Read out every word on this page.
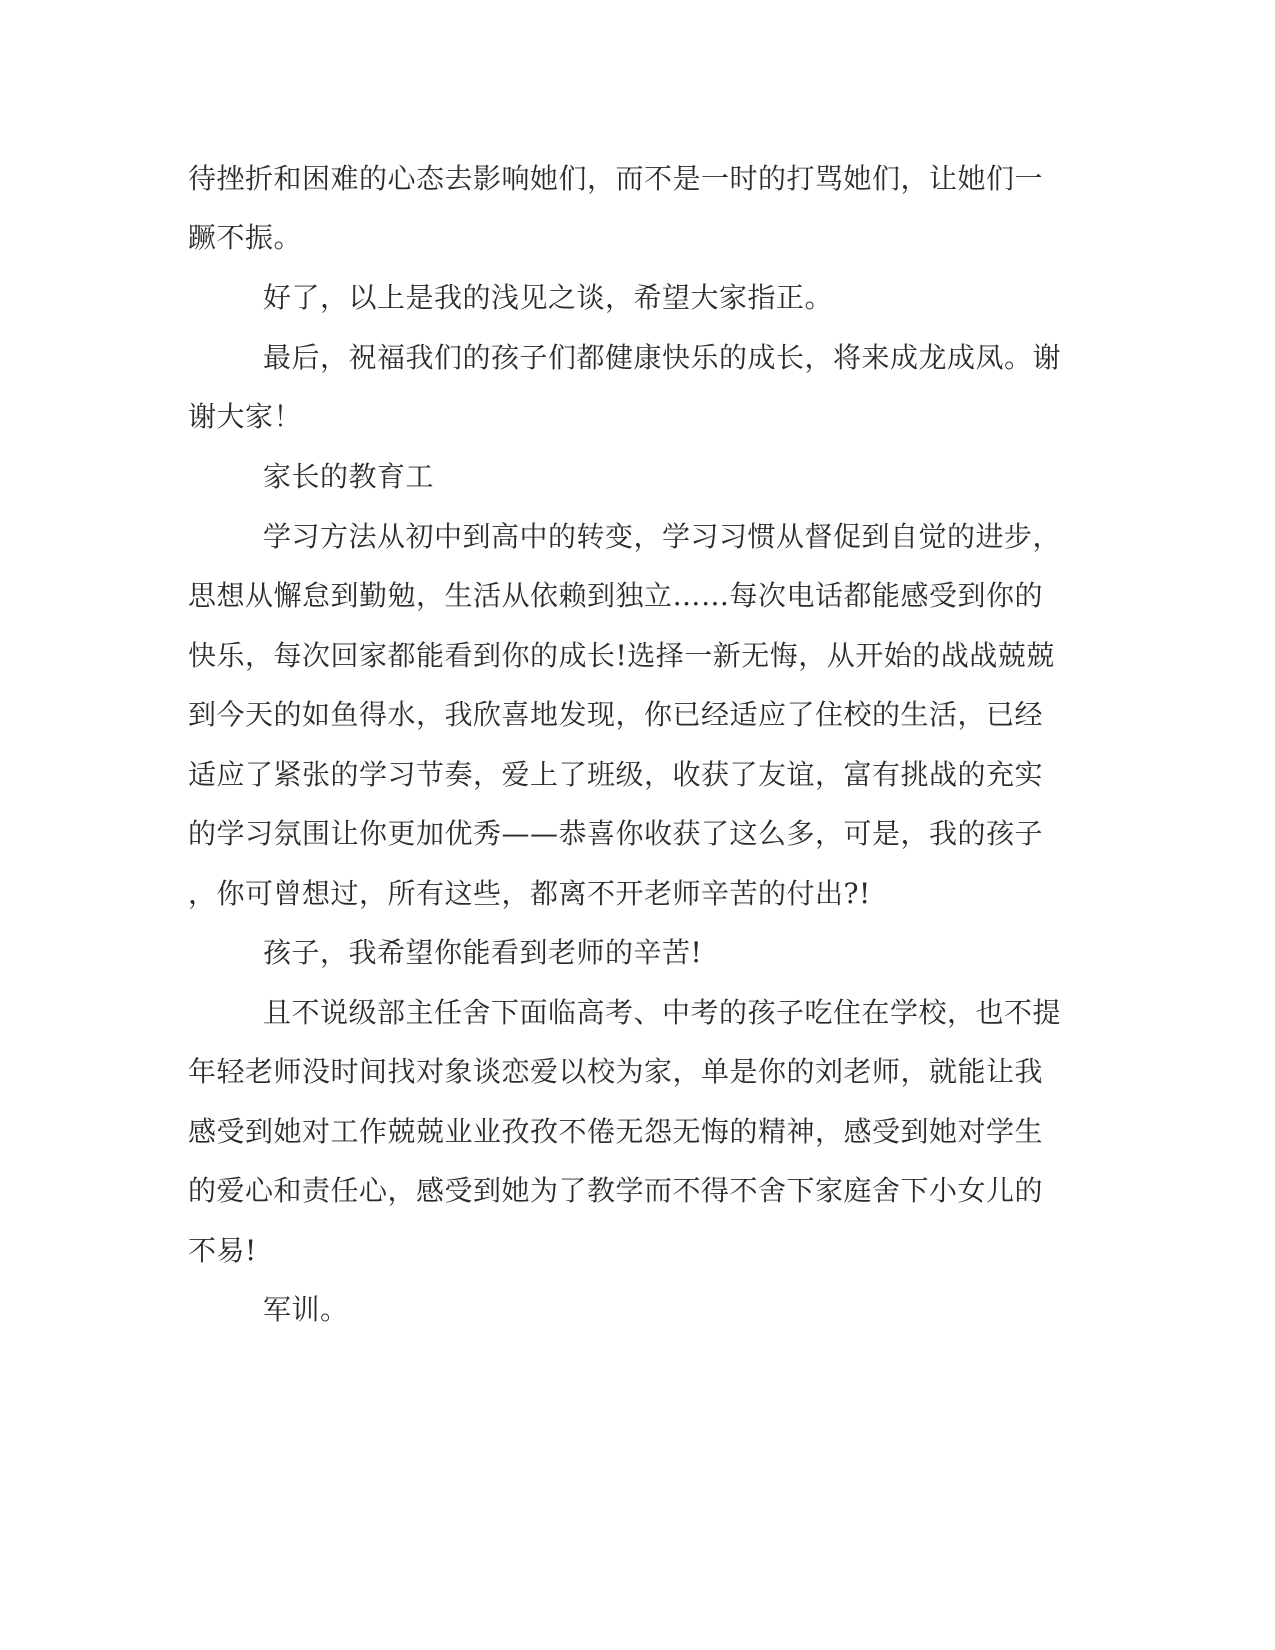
待挫折和困难的心态去影响她们，而不是一时的打骂她们，让她们一

蹶不振。

好了，以上是我的浅见之谈，希望大家指正。

最后，祝福我们的孩子们都健康快乐的成长，将来成龙成凤。谢

谢大家！

家长的教育工

学习方法从初中到高中的转变，学习习惯从督促到自觉的进步，

思想从懈怠到勤勉，生活从依赖到独立……每次电话都能感受到你的

快乐，每次回家都能看到你的成长!选择一新无悔，从开始的战战兢兢

到今天的如鱼得水，我欣喜地发现，你已经适应了住校的生活，已经

适应了紧张的学习节奏，爱上了班级，收获了友谊，富有挑战的充实

的学习氛围让你更加优秀——恭喜你收获了这么多，可是，我的孩子

，你可曾想过，所有这些，都离不开老师辛苦的付出?!

孩子，我希望你能看到老师的辛苦!

且不说级部主任舍下面临高考、中考的孩子吃住在学校，也不提

年轻老师没时间找对象谈恋爱以校为家，单是你的刘老师，就能让我

感受到她对工作兢兢业业孜孜不倦无怨无悔的精神，感受到她对学生

的爱心和责任心，感受到她为了教学而不得不舍下家庭舍下小女儿的

不易!

军训。
